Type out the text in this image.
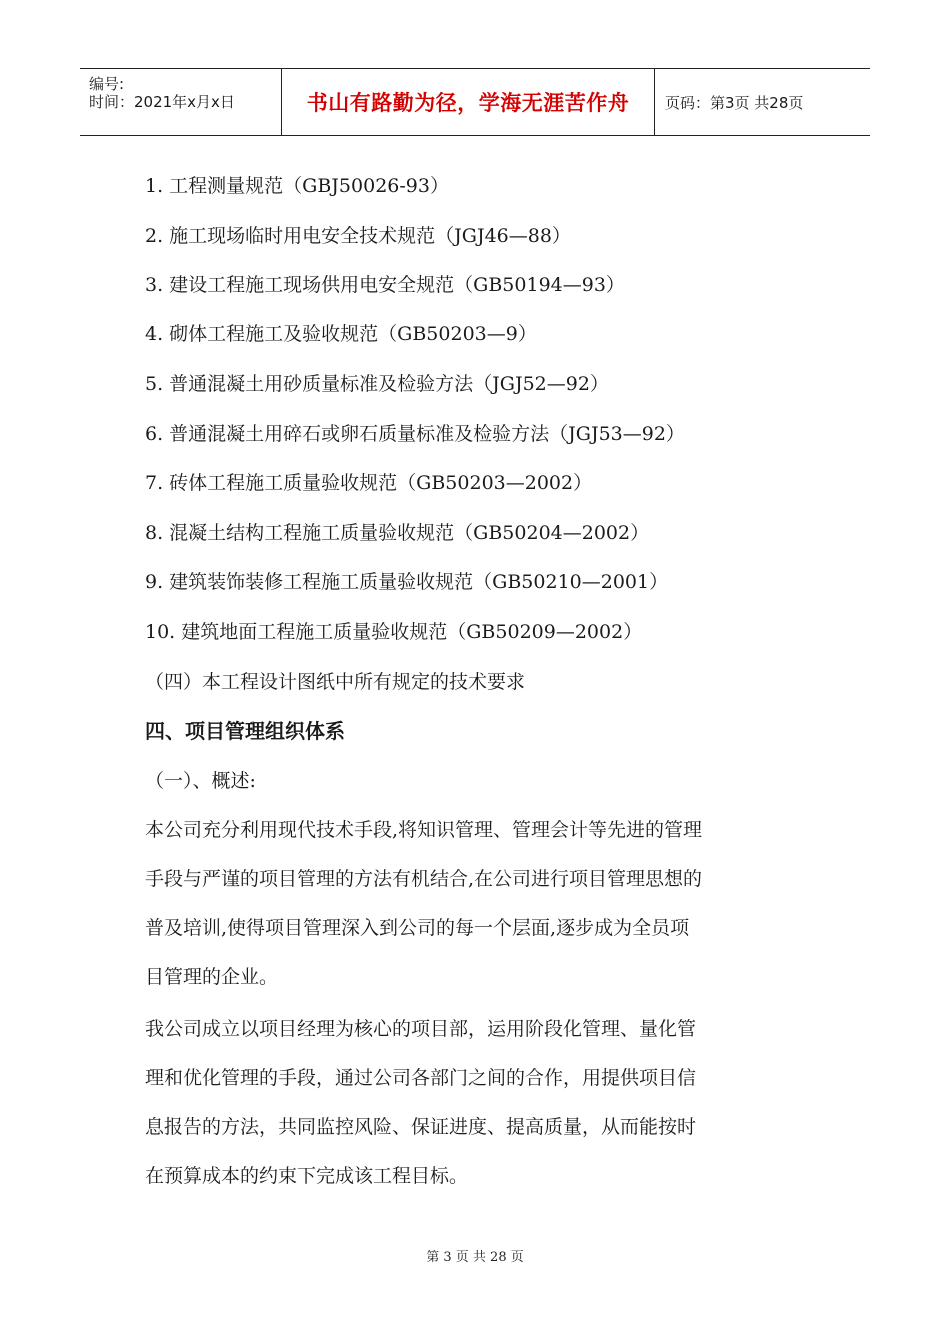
编号:
时间：2021年x月x日	书山有路勤为径，学海无涯苦作舟 页码：第3页 共28页
1. 工程测量规范（GBJ50026-93）
2. 施工现场临时用电安全技术规范（JGJ46—88）
3. 建设工程施工现场供用电安全规范（GB50194—93）
4. 砌体工程施工及验收规范（GB50203—9）
5. 普通混凝土用砂质量标准及检验方法（JGJ52—92）
6. 普通混凝土用碎石或卵石质量标准及检验方法（JGJ53—92）
7. 砖体工程施工质量验收规范（GB50203—2002）
8. 混凝土结构工程施工质量验收规范（GB50204—2002）
9. 建筑装饰装修工程施工质量验收规范（GB50210—2001）
10. 建筑地面工程施工质量验收规范（GB50209—2002）
（四）本工程设计图纸中所有规定的技术要求
四、项目管理组织体系
（一）、概述:
本公司充分利用现代技术手段,将知识管理、管理会计等先进的管理
手段与严谨的项目管理的方法有机结合,在公司进行项目管理思想的
普及培训,使得项目管理深入到公司的每一个层面,逐步成为全员项
目管理的企业。
我公司成立以项目经理为核心的项目部，运用阶段化管理、量化管
理和优化管理的手段，通过公司各部门之间的合作，用提供项目信
息报告的方法，共同监控风险、保证进度、提高质量，从而能按时
在预算成本的约束下完成该工程目标。
第 3 页 共 28 页
